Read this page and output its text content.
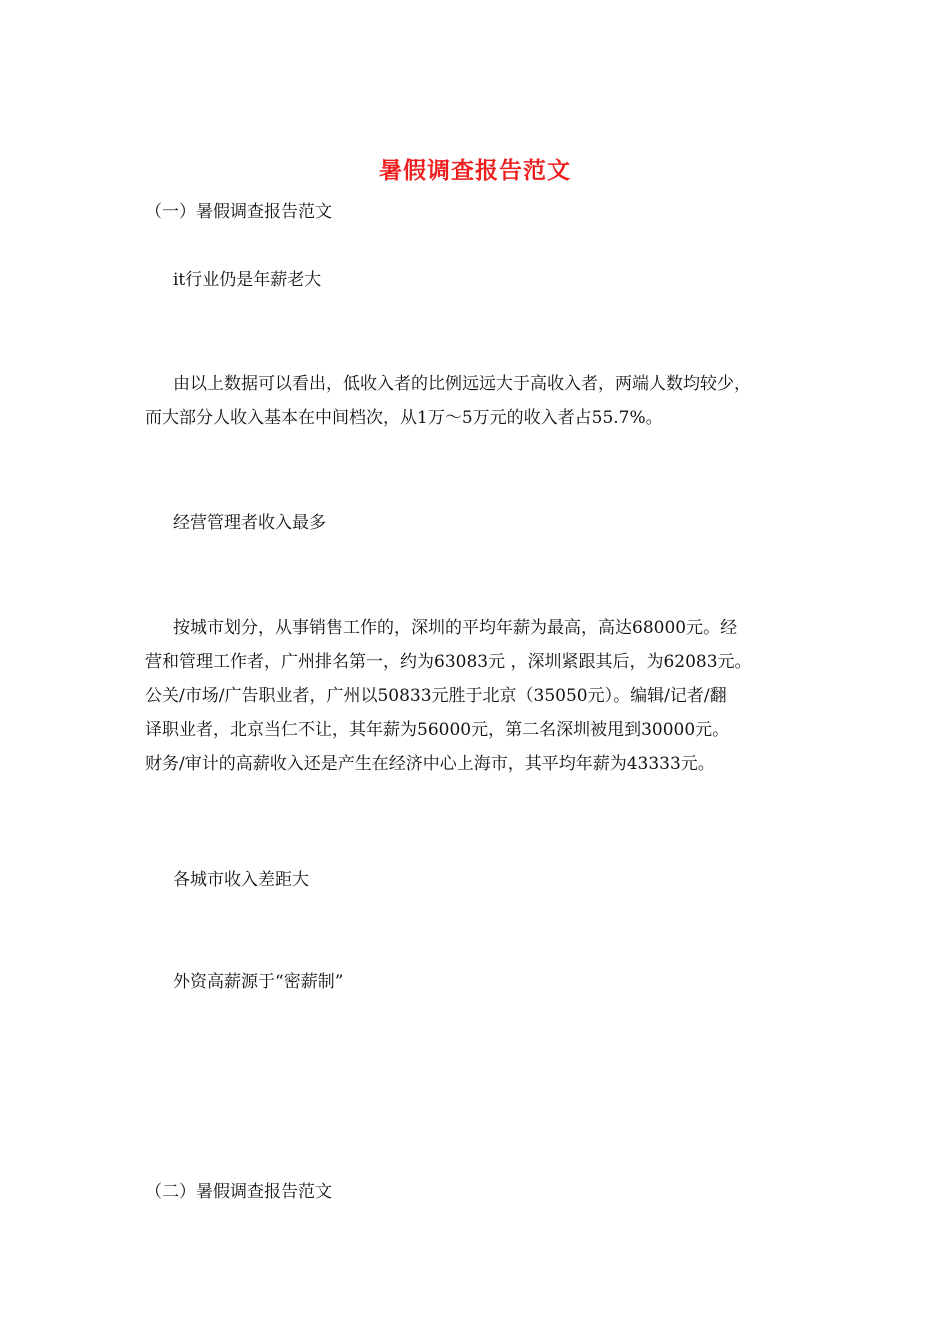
暑假调查报告范文
（一）暑假调查报告范文
it行业仍是年薪老大
由以上数据可以看出，低收入者的比例远远大于高收入者，两端人数均较少，
而大部分人收入基本在中间档次，从1万～5万元的收入者占55.7%。
经营管理者收入最多
按城市划分，从事销售工作的，深圳的平均年薪为最高，高达68000元。经
营和管理工作者，广州排名第一，约为63083元 ，深圳紧跟其后，为62083元。
公关/市场/广告职业者，广州以50833元胜于北京（35050元）。编辑/记者/翻
译职业者，北京当仁不让，其年薪为56000元，第二名深圳被甩到30000元。
财务/审计的高薪收入还是产生在经济中心上海市，其平均年薪为43333元。
各城市收入差距大
外资高薪源于“密薪制”
（二）暑假调查报告范文
